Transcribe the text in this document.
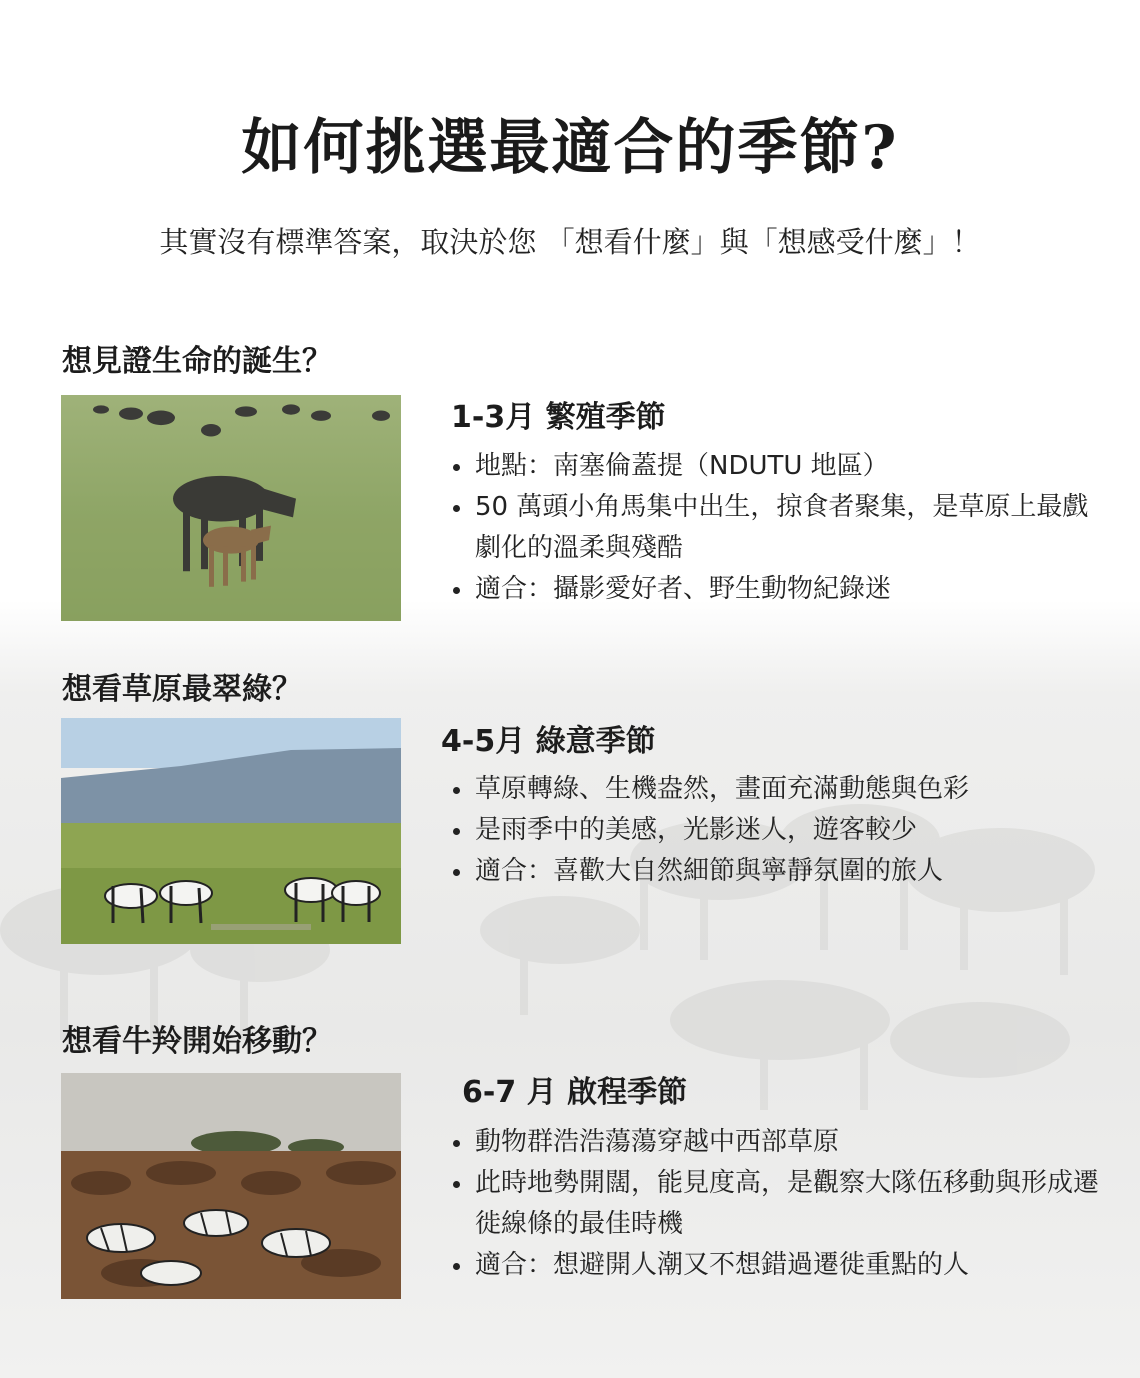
如何挑選最適合的季節?
其實沒有標準答案，取決於您 「想看什麼」與「想感受什麼」！
想見證生命的誕生？
1-3月 繁殖季節
地點：南塞倫蓋提（NDUTU 地區）
50 萬頭小角馬集中出生，掠食者聚集，是草原上最戲劇化的溫柔與殘酷
適合：攝影愛好者、野生動物紀錄迷
想看草原最翠綠？
4-5月 綠意季節
草原轉綠、生機盎然，畫面充滿動態與色彩
是雨季中的美感，光影迷人，遊客較少
適合：喜歡大自然細節與寧靜氛圍的旅人
想看牛羚開始移動？
6-7 月 啟程季節
動物群浩浩蕩蕩穿越中西部草原
此時地勢開闊，能見度高，是觀察大隊伍移動與形成遷徙線條的最佳時機
適合：想避開人潮又不想錯過遷徙重點的人
